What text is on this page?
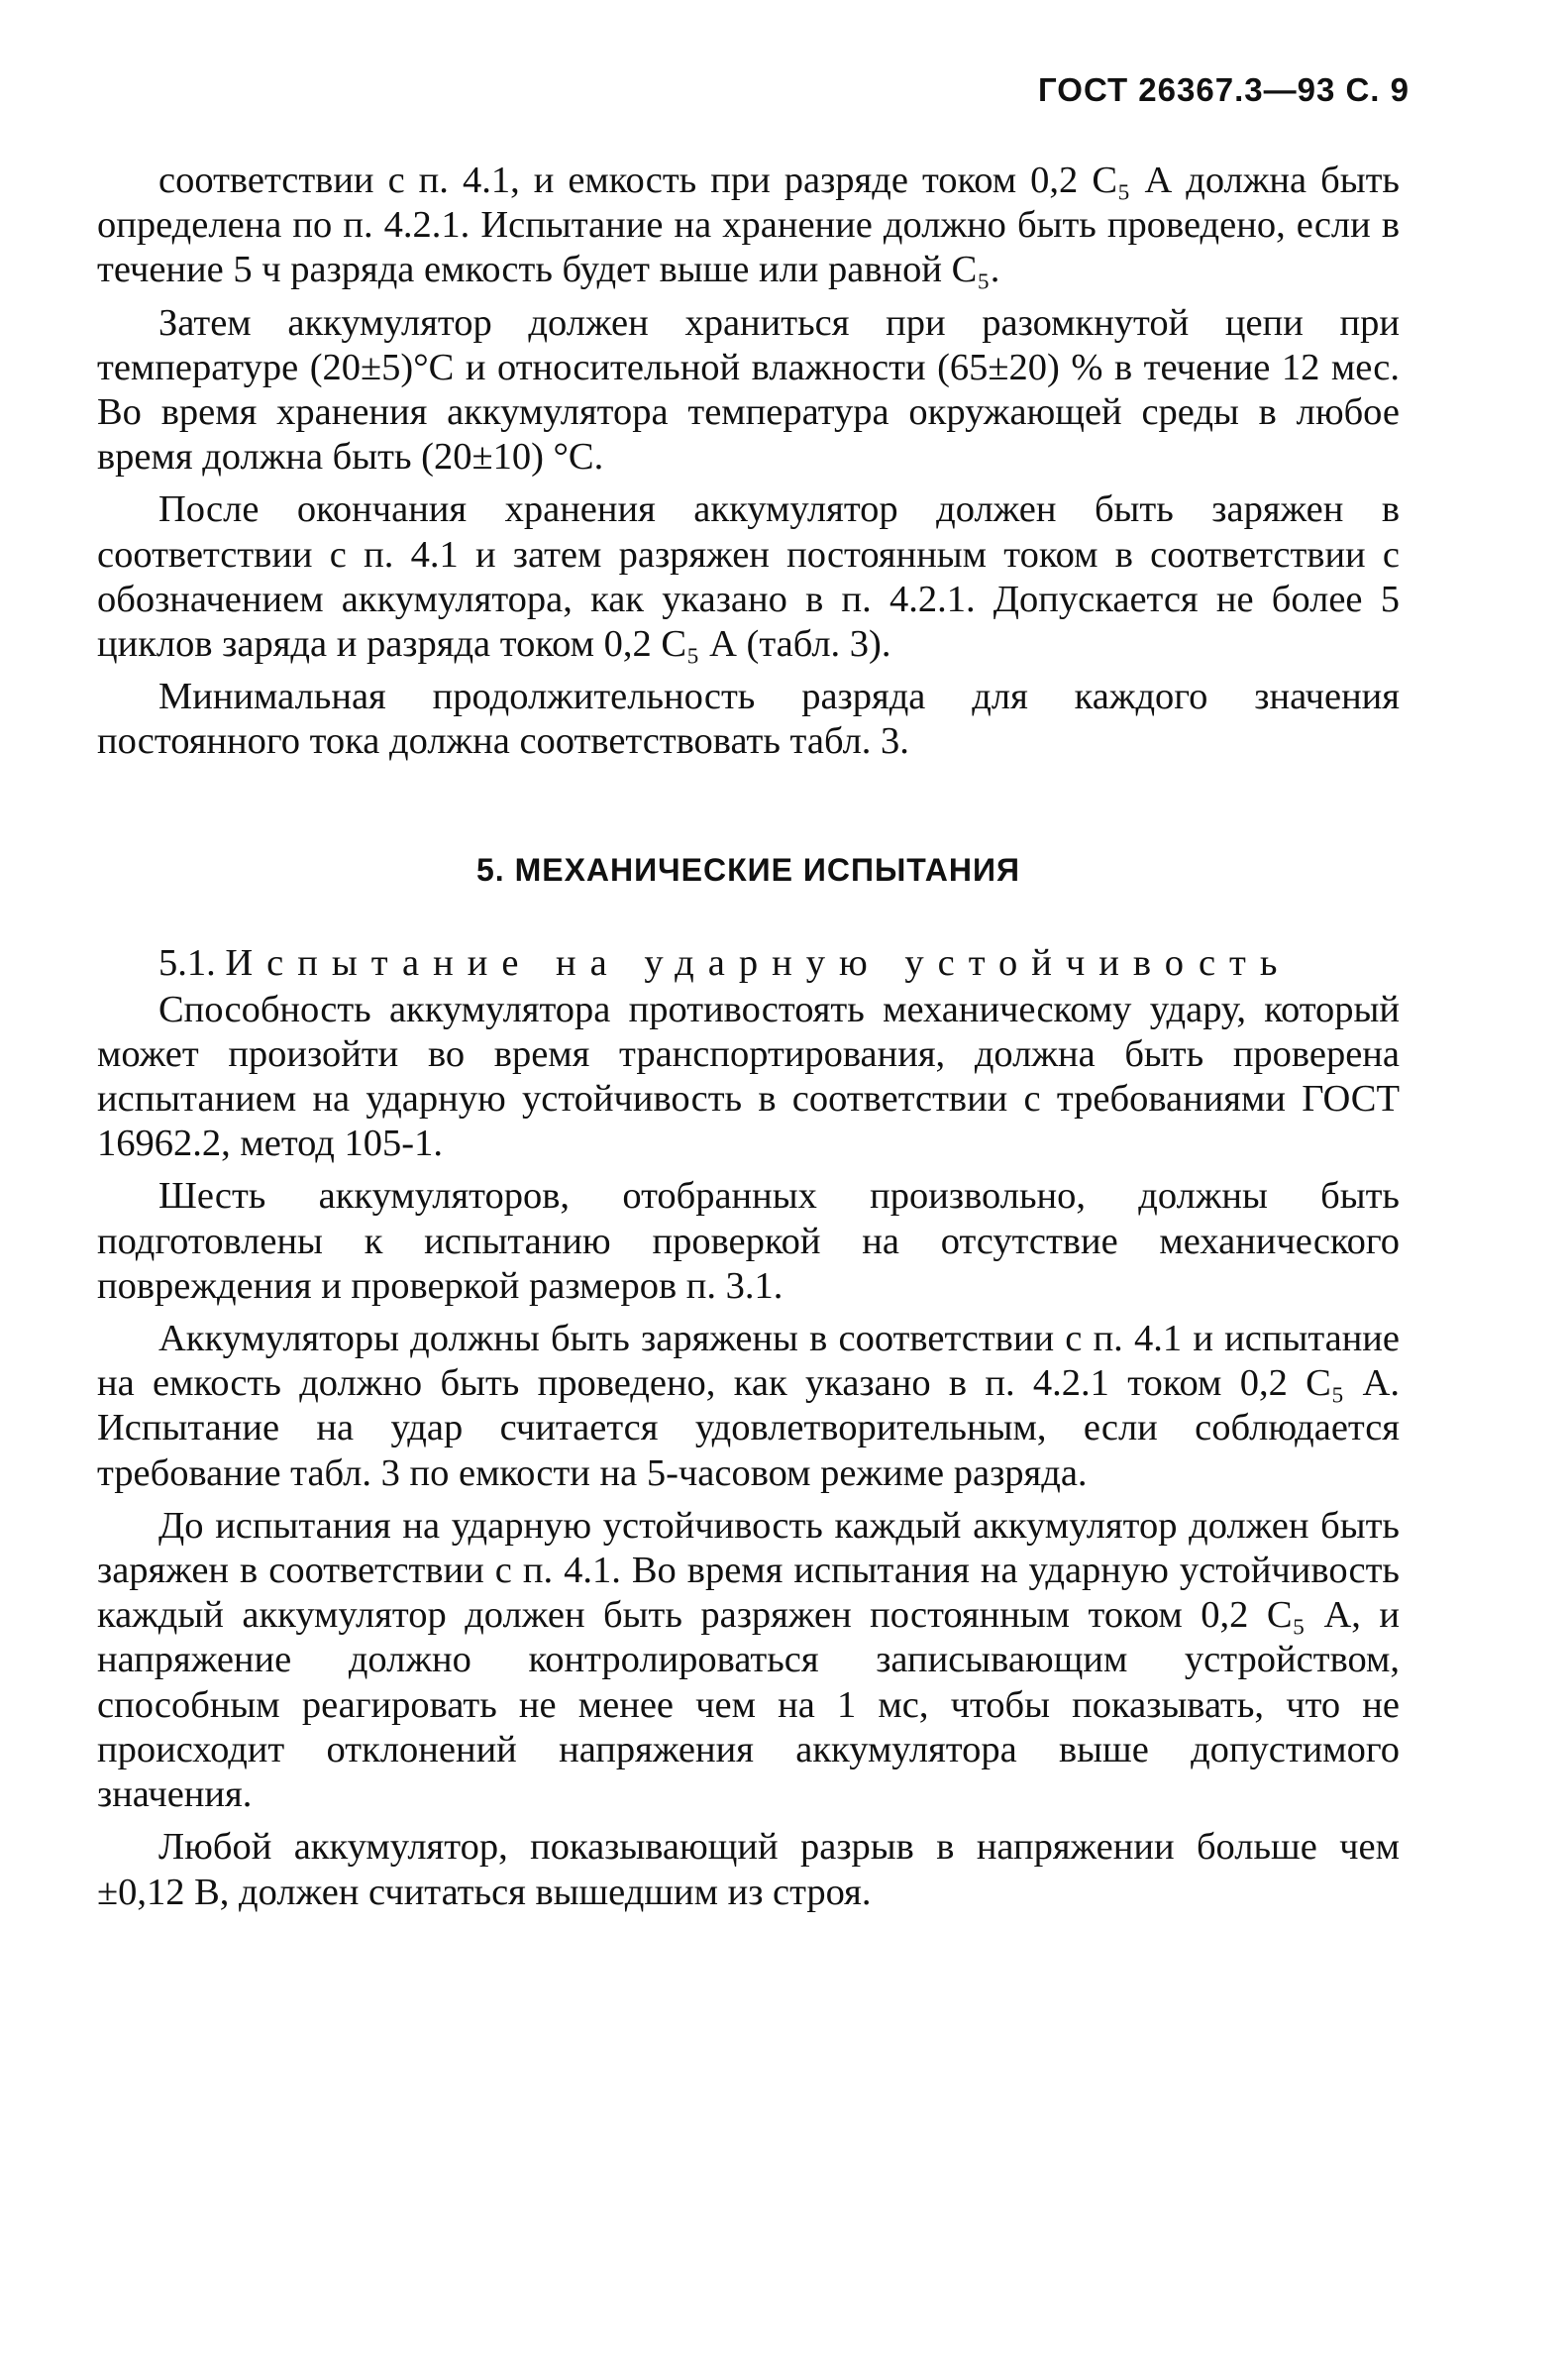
ГОСТ 26367.3—93 С. 9

соответствии с п. 4.1, и емкость при разряде током 0,2 C₅ А должна быть определена по п. 4.2.1. Испытание на хранение должно быть проведено, если в течение 5 ч разряда емкость будет выше или равной C₅.

Затем аккумулятор должен храниться при разомкнутой цепи при температуре (20±5)°С и относительной влажности (65±20) % в течение 12 мес. Во время хранения аккумулятора температура окружающей среды в любое время должна быть (20±10) °С.

После окончания хранения аккумулятор должен быть заряжен в соответствии с п. 4.1 и затем разряжен постоянным током в соответствии с обозначением аккумулятора, как указано в п. 4.2.1. Допускается не более 5 циклов заряда и разряда током 0,2 C₅ А (табл. 3).

Минимальная продолжительность разряда для каждого значения постоянного тока должна соответствовать табл. 3.

5. МЕХАНИЧЕСКИЕ ИСПЫТАНИЯ
5.1. Испытание на ударную устойчивость

Способность аккумулятора противостоять механическому удару, который может произойти во время транспортирования, должна быть проверена испытанием на ударную устойчивость в соответствии с требованиями ГОСТ 16962.2, метод 105-1.

Шесть аккумуляторов, отобранных произвольно, должны быть подготовлены к испытанию проверкой на отсутствие механического повреждения и проверкой размеров п. 3.1.

Аккумуляторы должны быть заряжены в соответствии с п. 4.1 и испытание на емкость должно быть проведено, как указано в п. 4.2.1 током 0,2 C₅ А. Испытание на удар считается удовлетворительным, если соблюдается требование табл. 3 по емкости на 5-часовом режиме разряда.

До испытания на ударную устойчивость каждый аккумулятор должен быть заряжен в соответствии с п. 4.1. Во время испытания на ударную устойчивость каждый аккумулятор должен быть разряжен постоянным током 0,2 C₅ А, и напряжение должно контролироваться записывающим устройством, способным реагировать не менее чем на 1 мс, чтобы показывать, что не происходит отклонений напряжения аккумулятора выше допустимого значения.

Любой аккумулятор, показывающий разрыв в напряжении больше чем ±0,12 В, должен считаться вышедшим из строя.
